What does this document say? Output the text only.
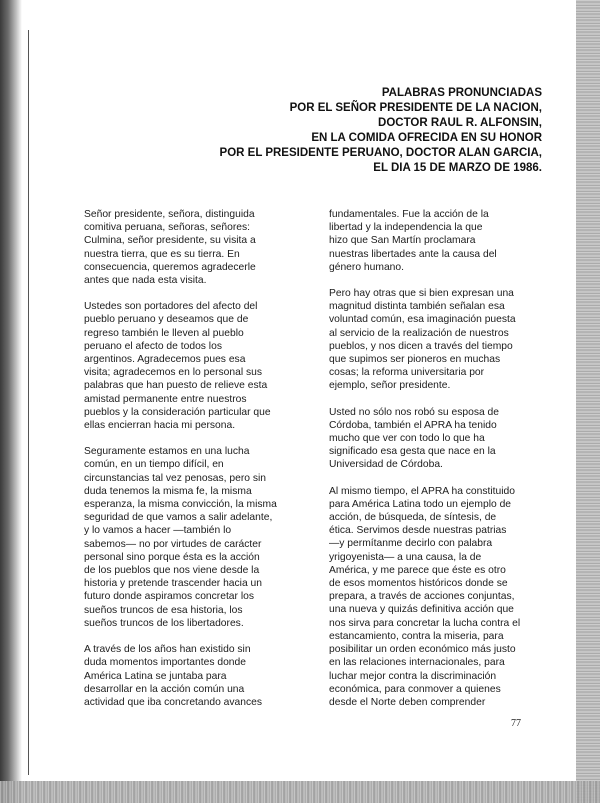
PALABRAS PRONUNCIADAS
POR EL SEÑOR PRESIDENTE DE LA NACION,
DOCTOR RAUL R. ALFONSIN,
EN LA COMIDA OFRECIDA EN SU HONOR
POR EL PRESIDENTE PERUANO, DOCTOR ALAN GARCIA,
EL DIA 15 DE MARZO DE 1986.
Señor presidente, señora, distinguida
comitiva peruana, señoras, señores:
Culmina, señor presidente, su visita a
nuestra tierra, que es su tierra. En
consecuencia, queremos agradecerle
antes que nada esta visita.
Ustedes son portadores del afecto del
pueblo peruano y deseamos que de
regreso también le lleven al pueblo
peruano el afecto de todos los
argentinos. Agradecemos pues esa
visita; agradecemos en lo personal sus
palabras que han puesto de relieve esta
amistad permanente entre nuestros
pueblos y la consideración particular que
ellas encierran hacia mi persona.
Seguramente estamos en una lucha
común, en un tiempo difícil, en
circunstancias tal vez penosas, pero sin
duda tenemos la misma fe, la misma
esperanza, la misma convicción, la misma
seguridad de que vamos a salir adelante,
y lo vamos a hacer —también lo
sabemos— no por virtudes de carácter
personal sino porque ésta es la acción
de los pueblos que nos viene desde la
historia y pretende trascender hacia un
futuro donde aspiramos concretar los
sueños truncos de esa historia, los
sueños truncos de los libertadores.
A través de los años han existido sin
duda momentos importantes donde
América Latina se juntaba para
desarrollar en la acción común una
actividad que iba concretando avances
fundamentales. Fue la acción de la
libertad y la independencia la que
hizo que San Martín proclamara
nuestras libertades ante la causa del
género humano.
Pero hay otras que si bien expresan una
magnitud distinta también señalan esa
voluntad común, esa imaginación puesta
al servicio de la realización de nuestros
pueblos, y nos dicen a través del tiempo
que supimos ser pioneros en muchas
cosas; la reforma universitaria por
ejemplo, señor presidente.
Usted no sólo nos robó su esposa de
Córdoba, también el APRA ha tenido
mucho que ver con todo lo que ha
significado esa gesta que nace en la
Universidad de Córdoba.
Al mismo tiempo, el APRA ha constituido
para América Latina todo un ejemplo de
acción, de búsqueda, de síntesis, de
ética. Servimos desde nuestras patrias
—y permítanme decirlo con palabra
yrigoyenista— a una causa, la de
América, y me parece que éste es otro
de esos momentos históricos donde se
prepara, a través de acciones conjuntas,
una nueva y quizás definitiva acción que
nos sirva para concretar la lucha contra el
estancamiento, contra la miseria, para
posibilitar un orden económico más justo
en las relaciones internacionales, para
luchar mejor contra la discriminación
económica, para conmover a quienes
desde el Norte deben comprender
77
